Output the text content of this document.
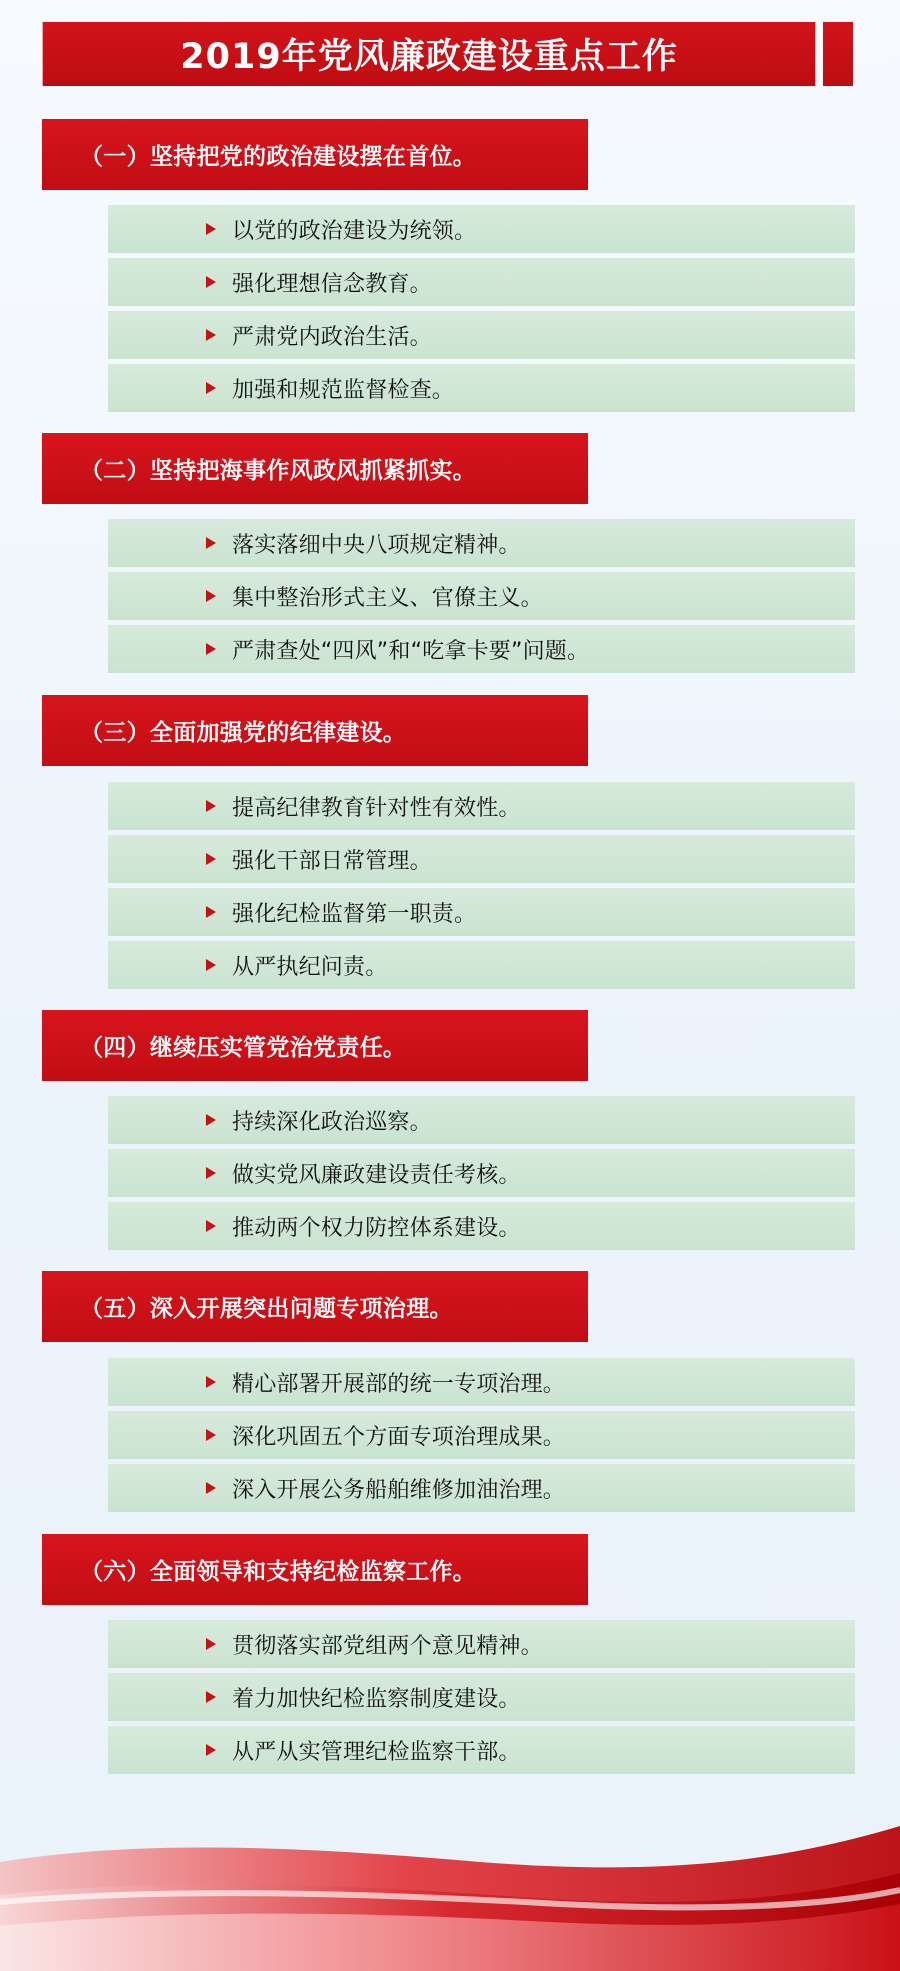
2019年党风廉政建设重点工作
（一）坚持把党的政治建设摆在首位。
以党的政治建设为统领。
强化理想信念教育。
严肃党内政治生活。
加强和规范监督检查。
（二）坚持把海事作风政风抓紧抓实。
落实落细中央八项规定精神。
集中整治形式主义、官僚主义。
严肃查处“四风”和“吃拿卡要”问题。
（三）全面加强党的纪律建设。
提高纪律教育针对性有效性。
强化干部日常管理。
强化纪检监督第一职责。
从严执纪问责。
（四）继续压实管党治党责任。
持续深化政治巡察。
做实党风廉政建设责任考核。
推动两个权力防控体系建设。
（五）深入开展突出问题专项治理。
精心部署开展部的统一专项治理。
深化巩固五个方面专项治理成果。
深入开展公务船舶维修加油治理。
（六）全面领导和支持纪检监察工作。
贯彻落实部党组两个意见精神。
着力加快纪检监察制度建设。
从严从实管理纪检监察干部。
